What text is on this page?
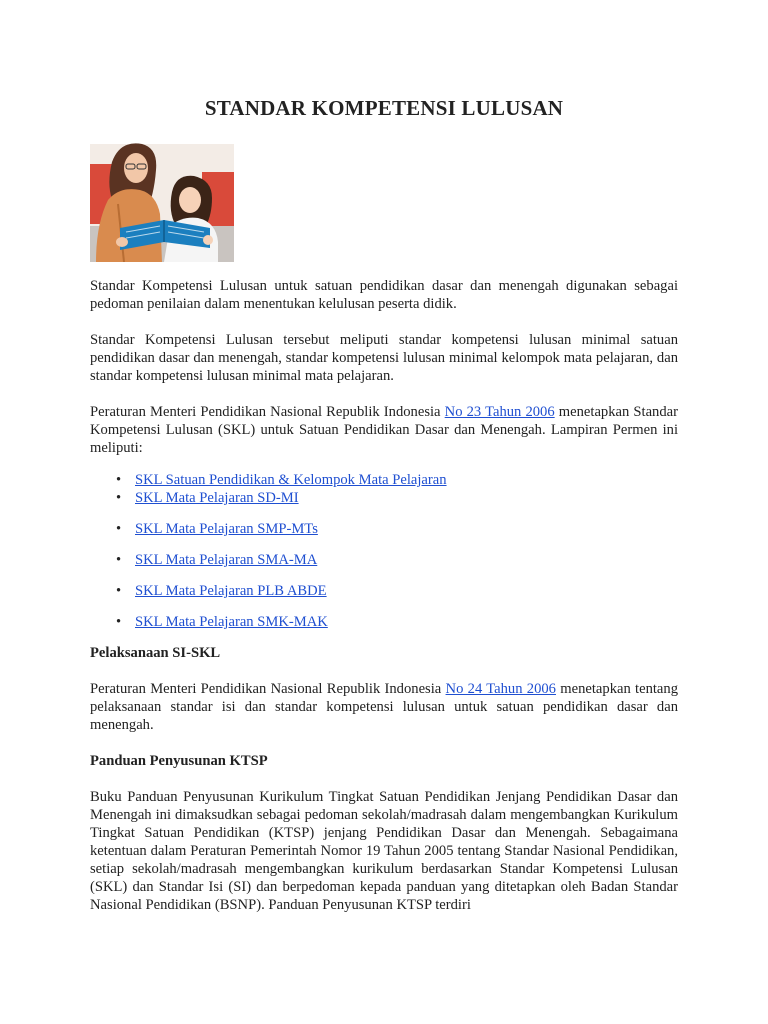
STANDAR KOMPETENSI LULUSAN

Standar Kompetensi Lulusan untuk satuan pendidikan dasar dan menengah digunakan sebagai pedoman penilaian dalam menentukan kelulusan peserta didik.

Standar Kompetensi Lulusan tersebut meliputi standar kompetensi lulusan minimal satuan pendidikan dasar dan menengah, standar kompetensi lulusan minimal kelompok mata pelajaran, dan standar kompetensi lulusan minimal mata pelajaran.

Peraturan Menteri Pendidikan Nasional Republik Indonesia No 23 Tahun 2006 menetapkan Standar Kompetensi Lulusan (SKL) untuk Satuan Pendidikan Dasar dan Menengah. Lampiran Permen ini meliputi:

• SKL Satuan Pendidikan & Kelompok Mata Pelajaran
• SKL Mata Pelajaran SD-MI
• SKL Mata Pelajaran SMP-MTs
• SKL Mata Pelajaran SMA-MA
• SKL Mata Pelajaran PLB ABDE
• SKL Mata Pelajaran SMK-MAK
Pelaksanaan SI-SKL

Peraturan Menteri Pendidikan Nasional Republik Indonesia No 24 Tahun 2006 menetapkan tentang pelaksanaan standar isi dan standar kompetensi lulusan untuk satuan pendidikan dasar dan menengah.

Panduan Penyusunan KTSP

Buku Panduan Penyusunan Kurikulum Tingkat Satuan Pendidikan Jenjang Pendidikan Dasar dan Menengah ini dimaksudkan sebagai pedoman sekolah/madrasah dalam mengembangkan Kurikulum Tingkat Satuan Pendidikan (KTSP) jenjang Pendidikan Dasar dan Menengah. Sebagaimana ketentuan dalam Peraturan Pemerintah Nomor 19 Tahun 2005 tentang Standar Nasional Pendidikan, setiap sekolah/madrasah mengembangkan kurikulum berdasarkan Standar Kompetensi Lulusan (SKL) dan Standar Isi (SI) dan berpedoman kepada panduan yang ditetapkan oleh Badan Standar Nasional Pendidikan (BSNP). Panduan Penyusunan KTSP terdiri
